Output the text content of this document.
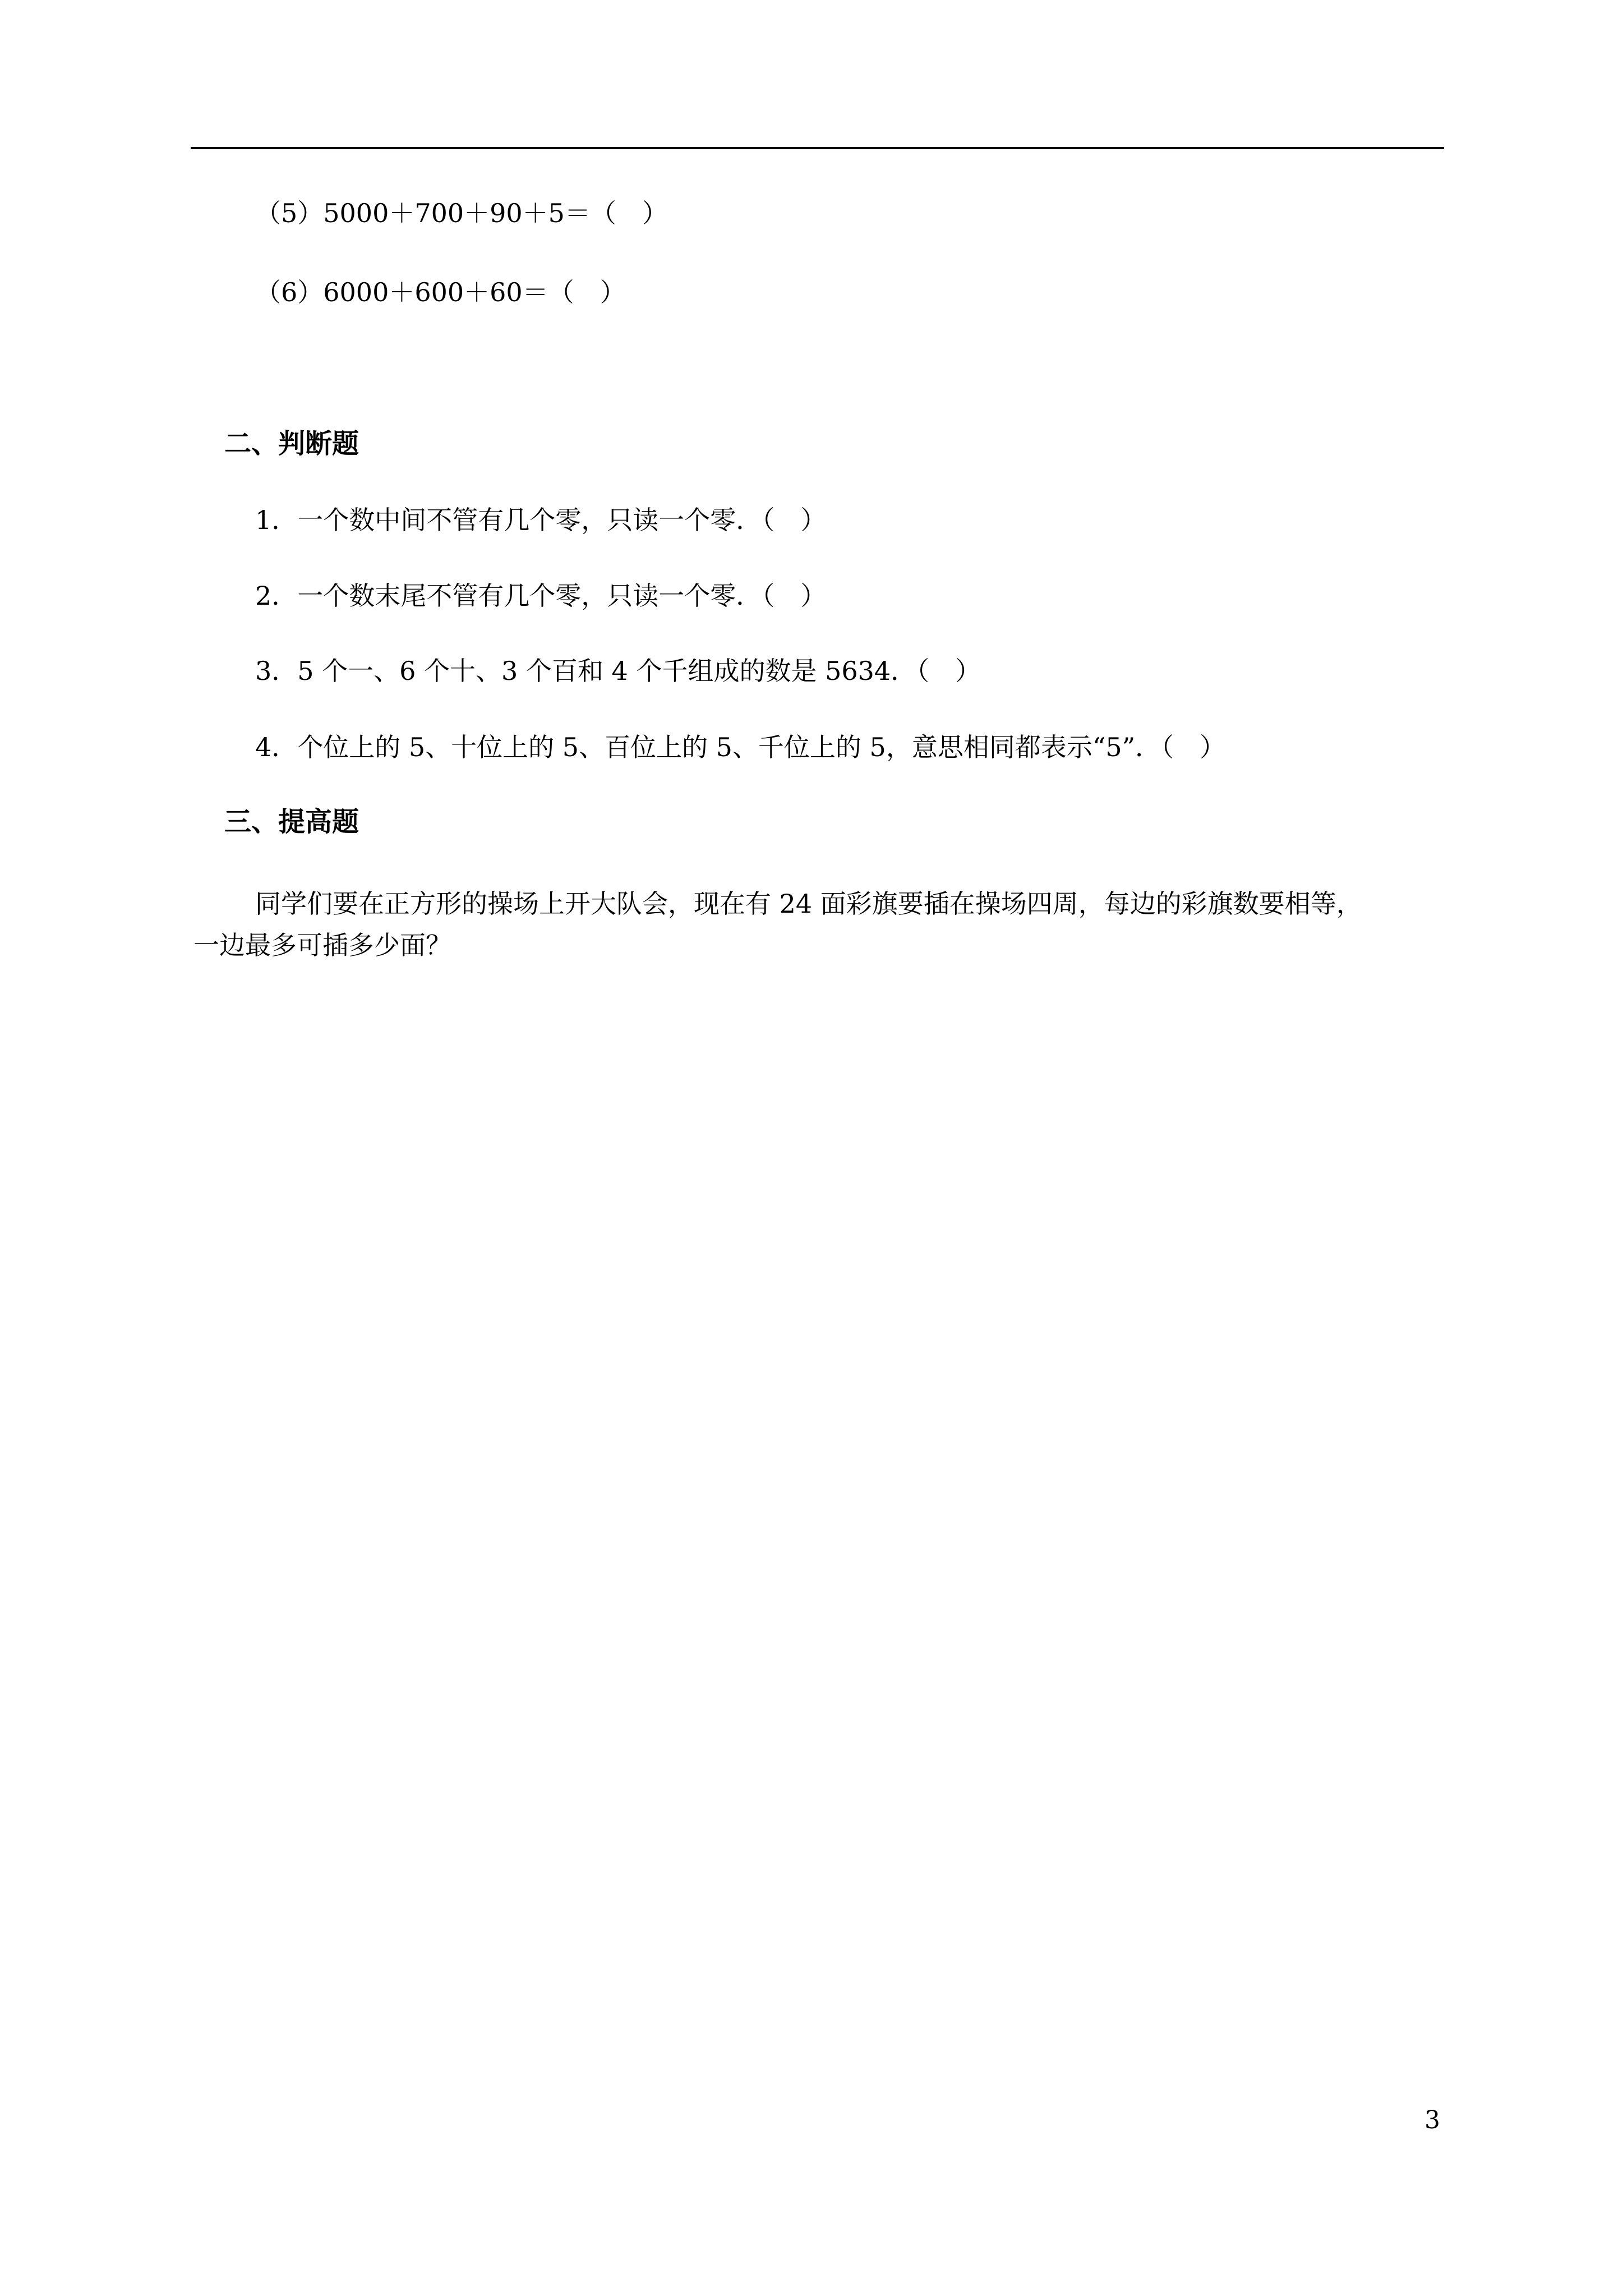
（5）5000＋700＋90＋5＝（　）
（6）6000＋600＋60＝（　）
二、判断题
1．一个数中间不管有几个零，只读一个零．（　）
2．一个数末尾不管有几个零，只读一个零．（　）
3．5 个一、6 个十、3 个百和 4 个千组成的数是 5634．（　）
4．个位上的 5、十位上的 5、百位上的 5、千位上的 5，意思相同都表示“5”．（　）
三、提高题
同学们要在正方形的操场上开大队会，现在有 24 面彩旗要插在操场四周，每边的彩旗数要相等，
一边最多可插多少面？
3
